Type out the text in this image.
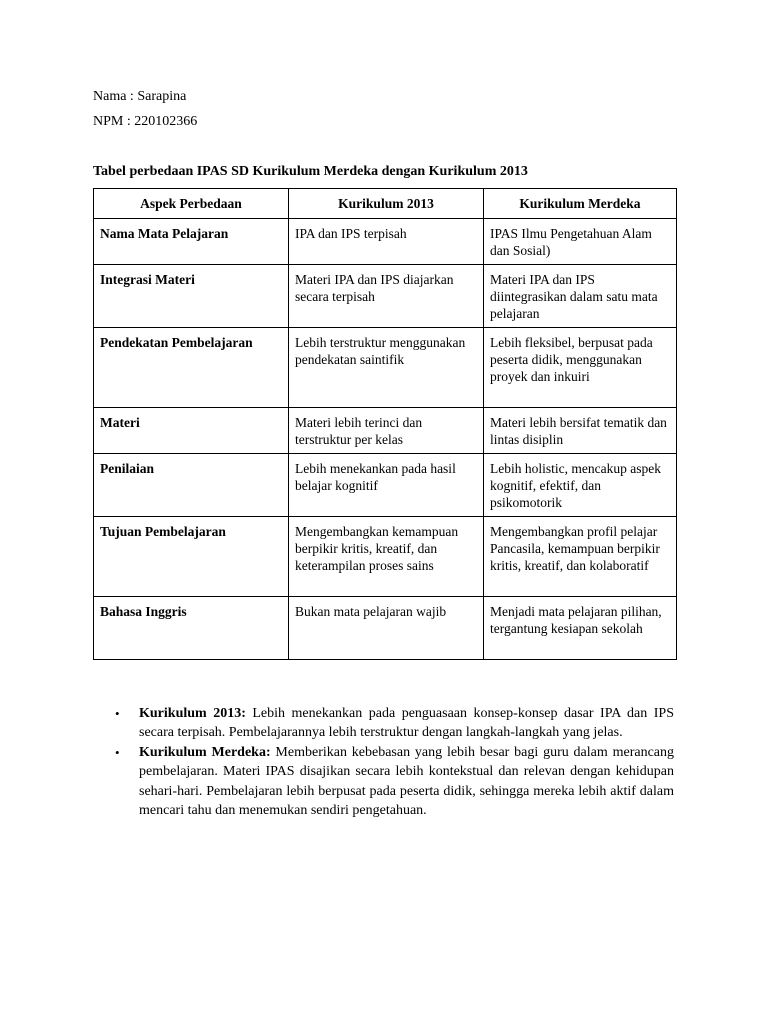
Nama : Sarapina
NPM : 220102366
Tabel perbedaan IPAS SD Kurikulum Merdeka dengan Kurikulum 2013
Aspek Perbedaan	Kurikulum 2013	Kurikulum Merdeka
Nama Mata Pelajaran	IPA dan IPS terpisah	IPAS Ilmu Pengetahuan Alam dan Sosial)
Integrasi Materi	Materi IPA dan IPS diajarkan secara terpisah	Materi IPA dan IPS diintegrasikan dalam satu mata pelajaran
Pendekatan Pembelajaran	Lebih terstruktur menggunakan pendekatan saintifik	Lebih fleksibel, berpusat pada peserta didik, menggunakan proyek dan inkuiri
Materi	Materi lebih terinci dan terstruktur per kelas	Materi lebih bersifat tematik dan lintas disiplin
Penilaian	Lebih menekankan pada hasil belajar kognitif	Lebih holistic, mencakup aspek kognitif, efektif, dan psikomotorik
Tujuan Pembelajaran	Mengembangkan kemampuan berpikir kritis, kreatif, dan keterampilan proses sains	Mengembangkan profil pelajar Pancasila, kemampuan berpikir kritis, kreatif, dan kolaboratif
Bahasa Inggris	Bukan mata pelajaran wajib	Menjadi mata pelajaran pilihan, tergantung kesiapan sekolah
• Kurikulum 2013: Lebih menekankan pada penguasaan konsep-konsep dasar IPA dan IPS secara terpisah. Pembelajarannya lebih terstruktur dengan langkah-langkah yang jelas.
• Kurikulum Merdeka: Memberikan kebebasan yang lebih besar bagi guru dalam merancang pembelajaran. Materi IPAS disajikan secara lebih kontekstual dan relevan dengan kehidupan sehari-hari. Pembelajaran lebih berpusat pada peserta didik, sehingga mereka lebih aktif dalam mencari tahu dan menemukan sendiri pengetahuan.
